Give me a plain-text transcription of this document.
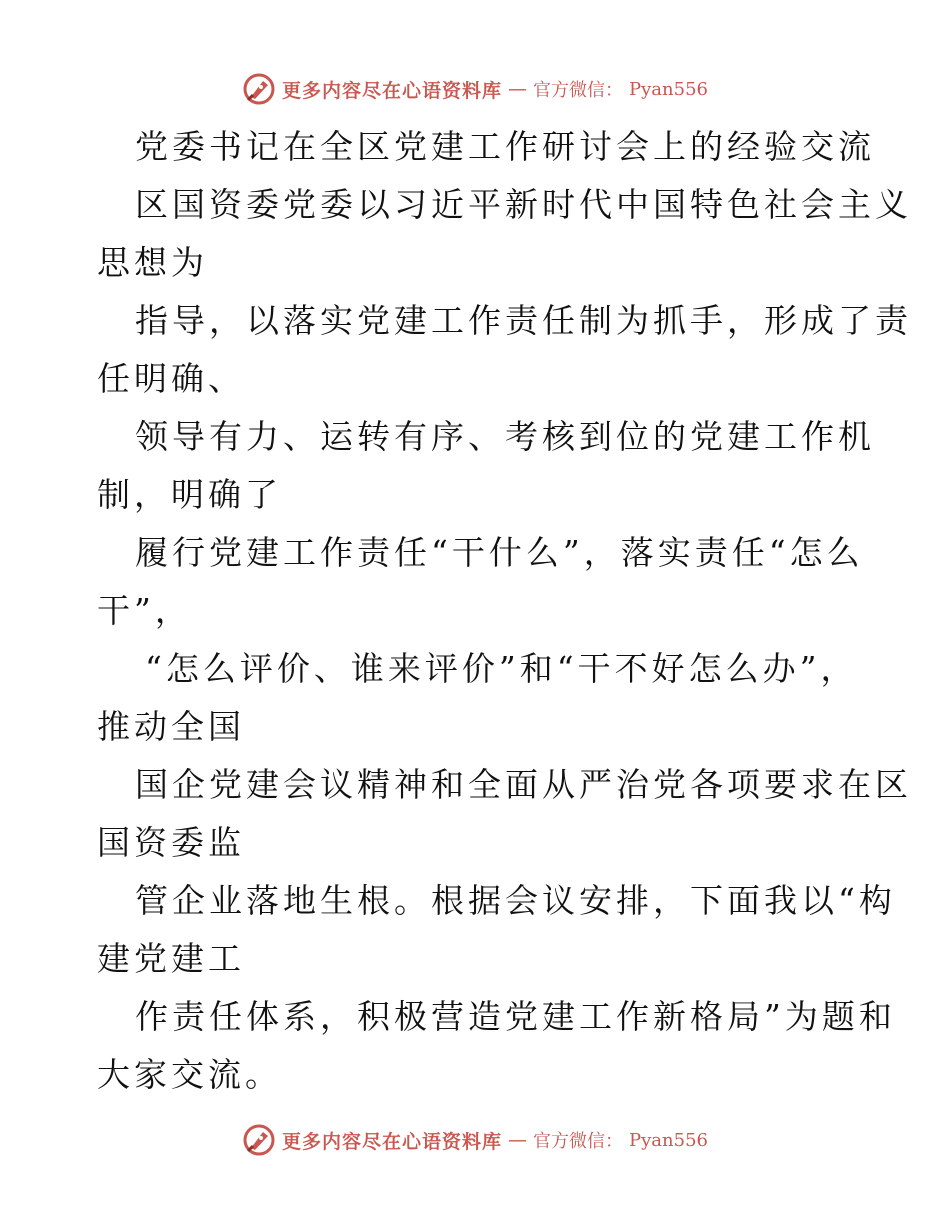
更多内容尽在心语资料库 — 官方微信： Pyan556
党委书记在全区党建工作研讨会上的经验交流
区国资委党委以习近平新时代中国特色社会主义
思想为
指导，以落实党建工作责任制为抓手，形成了责
任明确、
领导有力、运转有序、考核到位的党建工作机
制，明确了
履行党建工作责任“干什么”，落实责任“怎么
干”，
“怎么评价、谁来评价”和“干不好怎么办”，
推动全国
国企党建会议精神和全面从严治党各项要求在区
国资委监
管企业落地生根。根据会议安排，下面我以“构
建党建工
作责任体系，积极营造党建工作新格局”为题和
大家交流。
更多内容尽在心语资料库 — 官方微信： Pyan556
